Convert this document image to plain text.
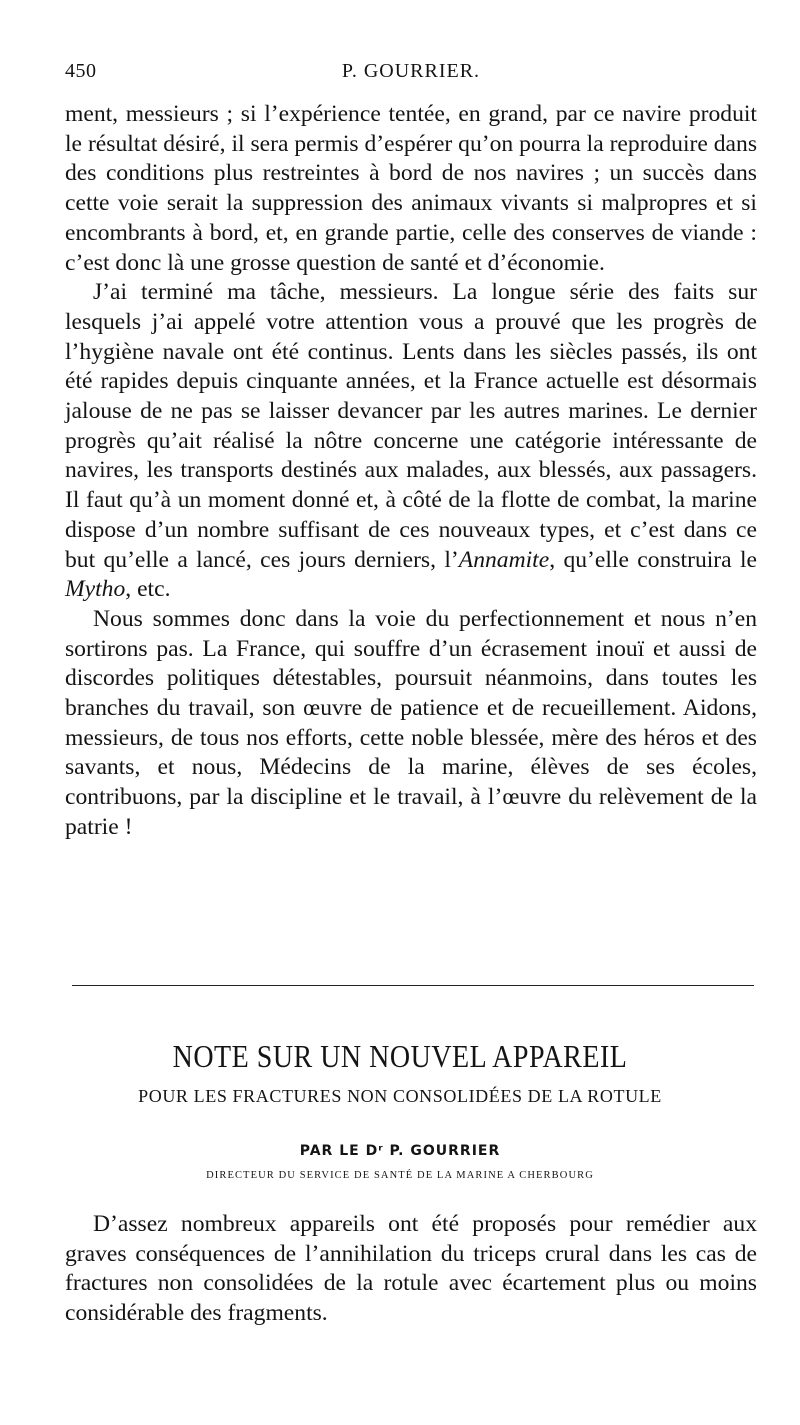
450	P. GOURRIER.

ment, messieurs ; si l’expérience tentée, en grand, par ce navire produit le résultat désiré, il sera permis d’espérer qu’on pourra la reproduire dans des conditions plus restreintes à bord de nos navires ; un succès dans cette voie serait la suppression des animaux vivants si malpropres et si encombrants à bord, et, en grande partie, celle des conserves de viande : c’est donc là une grosse question de santé et d’économie.

J’ai terminé ma tâche, messieurs. La longue série des faits sur lesquels j’ai appelé votre attention vous a prouvé que les progrès de l’hygiène navale ont été continus. Lents dans les siècles passés, ils ont été rapides depuis cinquante années, et la France actuelle est désormais jalouse de ne pas se laisser devancer par les autres marines. Le dernier progrès qu’ait réalisé la nôtre concerne une catégorie intéressante de navires, les transports destinés aux malades, aux blessés, aux passagers. Il faut qu’à un moment donné et, à côté de la flotte de combat, la marine dispose d’un nombre suffisant de ces nouveaux types, et c’est dans ce but qu’elle a lancé, ces jours derniers, l’Annamite, qu’elle construira le Mytho, etc.

Nous sommes donc dans la voie du perfectionnement et nous n’en sortirons pas. La France, qui souffre d’un écrasement inouï et aussi de discordes politiques détestables, poursuit néanmoins, dans toutes les branches du travail, son œuvre de patience et de recueillement. Aidons, messieurs, de tous nos efforts, cette noble blessée, mère des héros et des savants, et nous, Médecins de la marine, élèves de ses écoles, contribuons, par la discipline et le travail, à l’œuvre du relèvement de la patrie !

NOTE SUR UN NOUVEL APPAREIL
POUR LES FRACTURES NON CONSOLIDÉES DE LA ROTULE
PAR LE Dʳ P. GOURRIER
DIRECTEUR DU SERVICE DE SANTÉ DE LA MARINE A CHERBOURG

D’assez nombreux appareils ont été proposés pour remédier aux graves conséquences de l’annihilation du triceps crural dans les cas de fractures non consolidées de la rotule avec écartement plus ou moins considérable des fragments.
